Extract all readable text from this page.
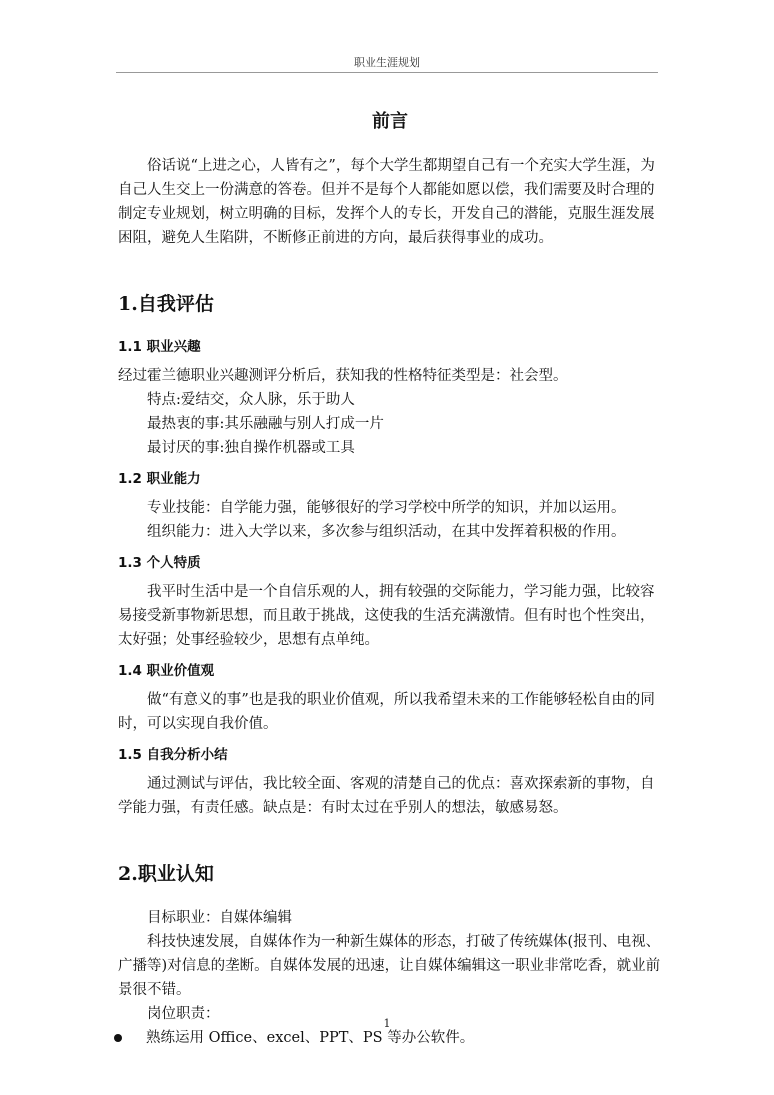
职业生涯规划
前言

俗话说“上进之心，人皆有之”，每个大学生都期望自己有一个充实大学生涯，为自己人生交上一份满意的答卷。但并不是每个人都能如愿以偿，我们需要及时合理的制定专业规划，树立明确的目标，发挥个人的专长，开发自己的潜能，克服生涯发展困阻，避免人生陷阱，不断修正前进的方向，最后获得事业的成功。

1.自我评估
1.1 职业兴趣

经过霍兰德职业兴趣测评分析后，获知我的性格特征类型是：社会型。

特点:爱结交，众人脉，乐于助人

最热衷的事:其乐融融与别人打成一片

最讨厌的事:独自操作机器或工具

1.2 职业能力

专业技能：自学能力强，能够很好的学习学校中所学的知识，并加以运用。

组织能力：进入大学以来，多次参与组织活动，在其中发挥着积极的作用。

1.3 个人特质

我平时生活中是一个自信乐观的人，拥有较强的交际能力，学习能力强，比较容易接受新事物新思想，而且敢于挑战，这使我的生活充满激情。但有时也个性突出，太好强；处事经验较少，思想有点单纯。

1.4 职业价值观

做“有意义的事”也是我的职业价值观，所以我希望未来的工作能够轻松自由的同时，可以实现自我价值。

1.5 自我分析小结

通过测试与评估，我比较全面、客观的清楚自己的优点：喜欢探索新的事物，自学能力强，有责任感。缺点是：有时太过在乎别人的想法，敏感易怒。

2.职业认知

目标职业：自媒体编辑

科技快速发展，自媒体作为一种新生媒体的形态，打破了传统媒体(报刊、电视、广播等)对信息的垄断。自媒体发展的迅速，让自媒体编辑这一职业非常吃香，就业前景很不错。

岗位职责：

熟练运用 Office、excel、PPT、PS 等办公软件。
1
